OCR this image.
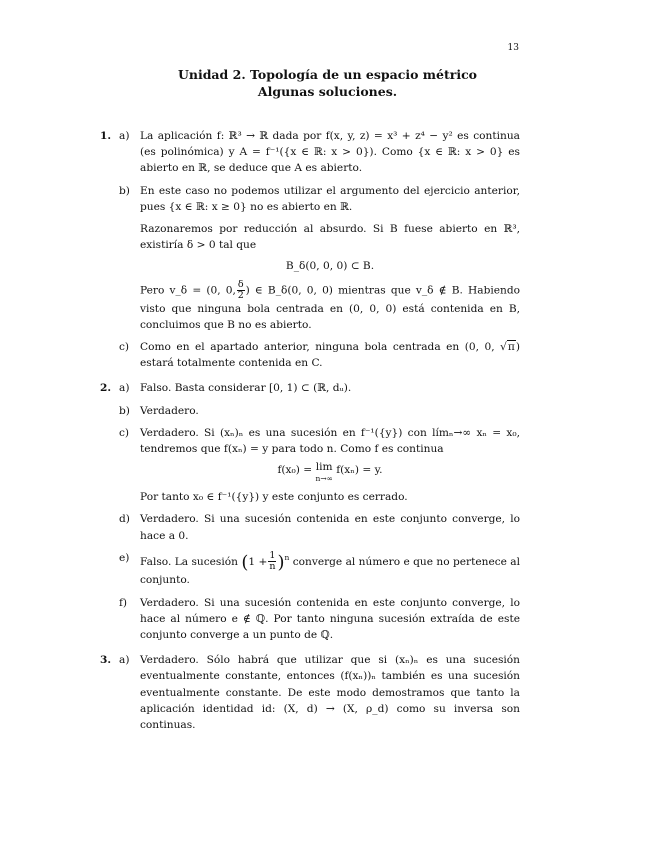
13
Unidad 2. Topología de un espacio métrico
Algunas soluciones.
1. a) La aplicación f: ℝ³ → ℝ dada por f(x, y, z) = x³ + z⁴ − y² es continua (es polinómica) y A = f⁻¹({x ∈ ℝ: x > 0}). Como {x ∈ ℝ: x > 0} es abierto en ℝ, se deduce que A es abierto.

b) En este caso no podemos utilizar el argumento del ejercicio anterior, pues {x ∈ ℝ: x ≥ 0} no es abierto en ℝ.

Razonaremos por reducción al absurdo. Si B fuese abierto en ℝ³, existiría δ > 0 tal que

B_δ(0, 0, 0) ⊂ B.

Pero v_δ = (0, 0, $\frac{\delta}{2}$ ) ∈ B_δ(0, 0, 0) mientras que v_δ ∉ B. Habiendo visto que ninguna bola centrada en (0, 0, 0) está contenida en B, concluimos que B no es abierto.

c) Como en el apartado anterior, ninguna bola centrada en (0, 0, √π) estará totalmente contenida en C.

2. a) Falso. Basta considerar [0, 1) ⊂ (ℝ, dᵤ).

b) Verdadero.

c) Verdadero. Si (xₙ)ₙ es una sucesión en f⁻¹({y}) con límₙ→∞ xₙ = x₀, tendremos que f(xₙ) = y para todo n. Como f es continua

f(x₀) = lim
n→∞
f(xₙ) = y.

Por tanto x₀ ∈ f⁻¹({y}) y este conjunto es cerrado.

d) Verdadero. Si una sucesión contenida en este conjunto converge, lo hace a 0.

e) Falso. La sucesión $(1 + \frac{1}{n} )^n$ converge al número e que no pertenece al conjunto.

f) Verdadero. Si una sucesión contenida en este conjunto converge, lo hace al número e ∉ ℚ. Por tanto ninguna sucesión extraída de este conjunto converge a un punto de ℚ.

3. a) Verdadero. Sólo habrá que utilizar que si (xₙ)ₙ es una sucesión eventualmente constante, entonces (f(xₙ))ₙ también es una sucesión eventualmente constante. De este modo demostramos que tanto la aplicación identidad id: (X, d) → (X, ρ_d) como su inversa son continuas.
